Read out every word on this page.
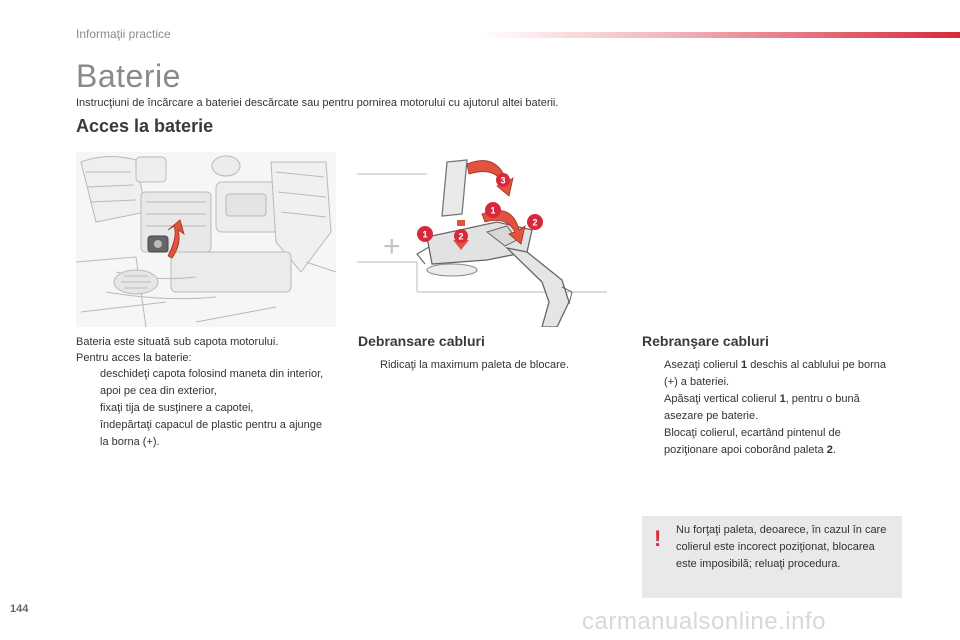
Informaţii practice
Baterie
Instrucţiuni de încărcare a bateriei descărcate sau pentru pornirea motorului cu ajutorul altei baterii.
Acces la baterie
+ 1	2
1
2
3
Bateria este situată sub capota motorului.
Pentru acces la baterie:
deschideţi capota folosind maneta din interior, apoi pe cea din exterior,
fixaţi tija de susţinere a capotei,
îndepărtaţi capacul de plastic pentru a ajunge la borna (+).
Debransare cabluri
Ridicaţi la maximum paleta de blocare.
Rebranşare cabluri
Asezaţi colierul 1 deschis al cablului pe borna (+) a bateriei.
Apăsaţi vertical colierul 1, pentru o bună asezare pe baterie.
Blocaţi colierul, ecartând pintenul de poziţionare apoi coborând paleta 2.
! Nu forţaţi paleta, deoarece, în cazul în care colierul este incorect poziţionat, blocarea este imposibilă; reluaţi procedura.
144	carmanualsonline.info
